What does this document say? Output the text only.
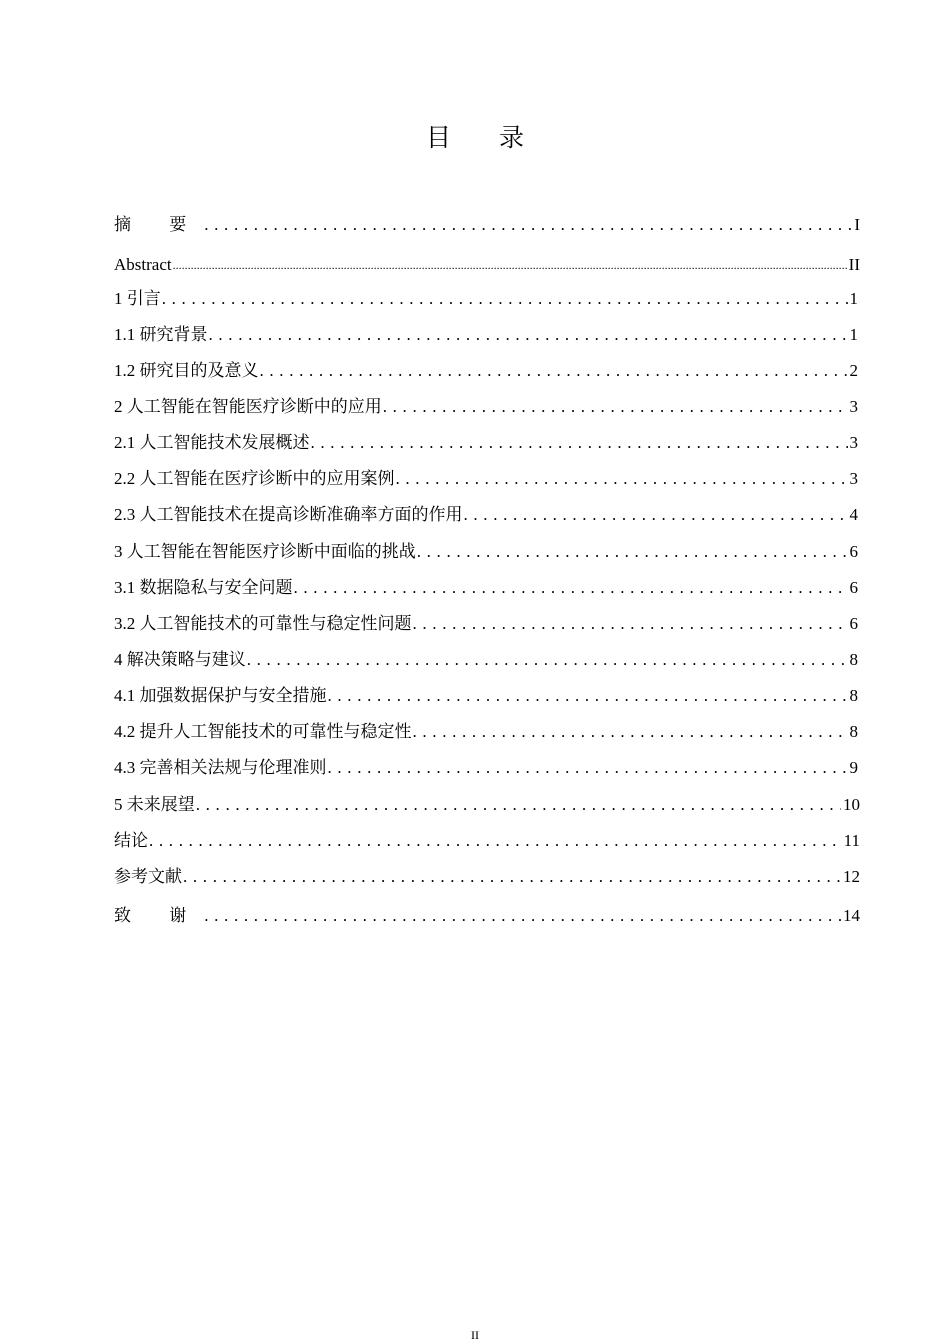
目 录
摘 要 . . .	I
Abstract .....	II
1 引言 . . .	1
1.1 研究背景 . . .	1
1.2 研究目的及意义 . . .	2
2 人工智能在智能医疗诊断中的应用 . . .	3
2.1 人工智能技术发展概述 . . .	3
2.2 人工智能在医疗诊断中的应用案例 . . .	3
2.3 人工智能技术在提高诊断准确率方面的作用 . . .	4
3 人工智能在智能医疗诊断中面临的挑战 . . .	6
3.1 数据隐私与安全问题 . . .	6
3.2 人工智能技术的可靠性与稳定性问题 . . .	6
4 解决策略与建议 . . .	8
4.1 加强数据保护与安全措施 . . .	8
4.2 提升人工智能技术的可靠性与稳定性 . . .	8
4.3 完善相关法规与伦理准则 . . .	9
5 未来展望 . . .	10
结论 . . .	11
参考文献 . . .	12
致 谢 . . .	14
II
